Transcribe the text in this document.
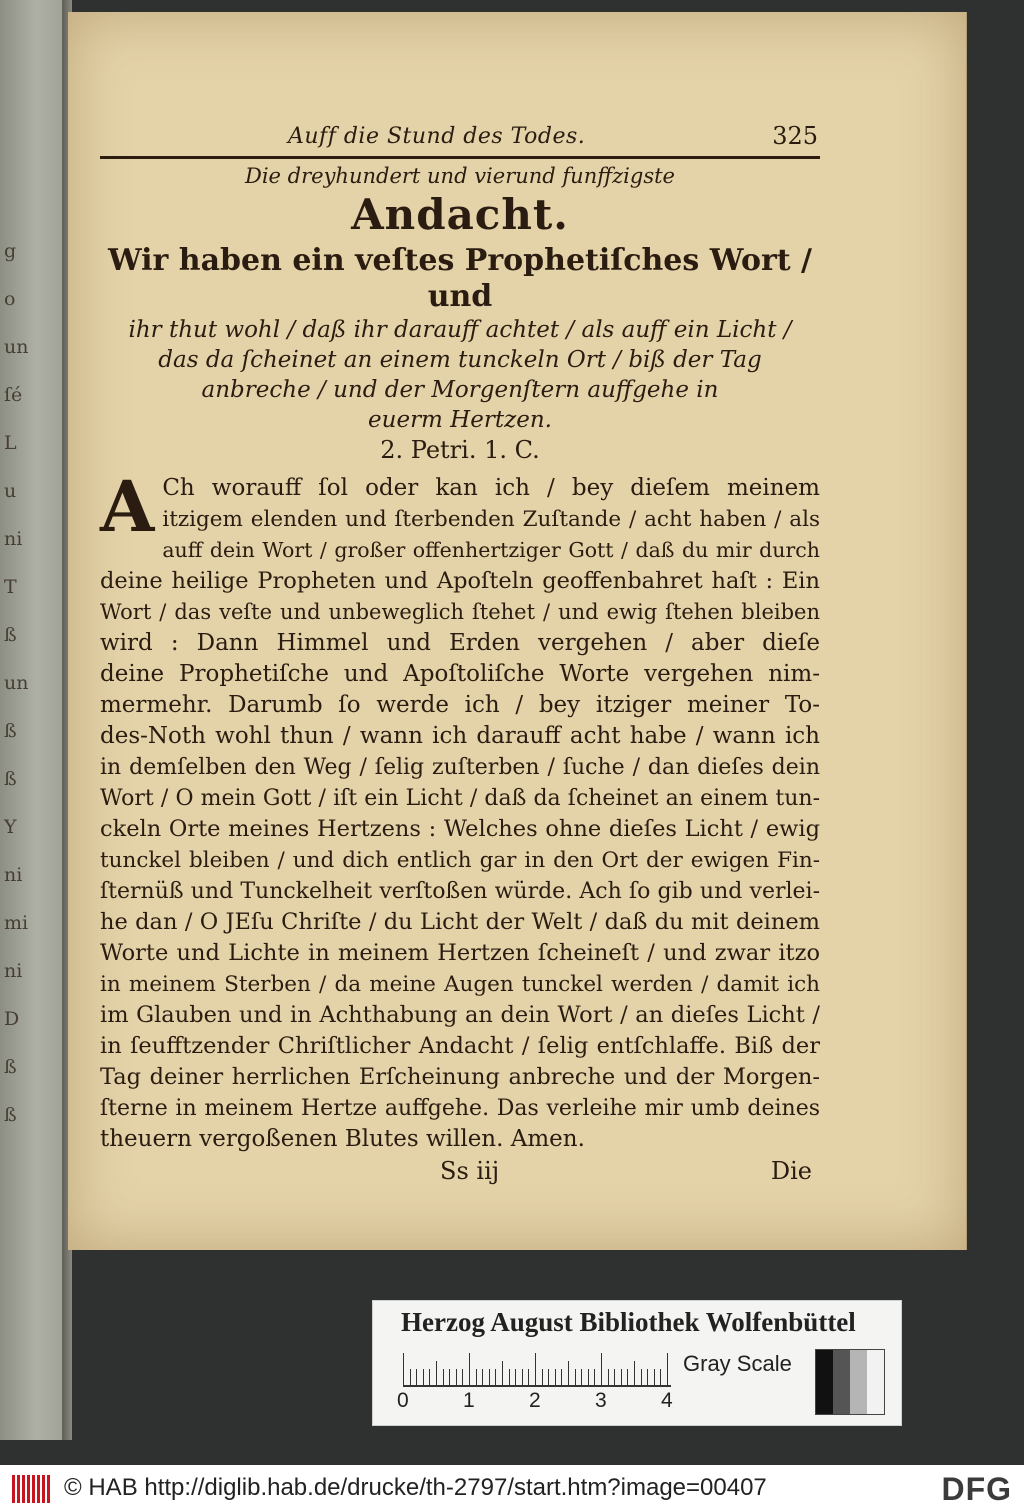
g
o
un
ſé
L
u
ni
T
ß
un
ß
ß
Y
ni
mi
ni
D
ß
ß
Auff die Stund des Todes.	325
Die dreyhundert und vierund funffzigste
Andacht.
Wir haben ein veſtes Prophetiſches Wort / und
ihr thut wohl / daß ihr darauff achtet / als auff ein Licht /
das da ſcheinet an einem tunckeln Ort / biß der Tag
anbreche / und der Morgenſtern auffgehe in
euerm Hertzen.
2. Petri. 1. C.
A Ch worauff ſol oder kan ich / bey dieſem meinem
itzigem elenden und ſterbenden Zuſtande / acht haben / als
auff dein Wort / großer offenhertziger Gott / daß du mir durch
deine heilige Propheten und Apoſteln geoffenbahret haſt : Ein
Wort / das veſte und unbeweglich ſtehet / und ewig ſtehen bleiben
wird : Dann Himmel und Erden vergehen / aber dieſe
deine Prophetiſche und Apoſtoliſche Worte vergehen nim-
mermehr. Darumb ſo werde ich / bey itziger meiner To-
des-Noth wohl thun / wann ich darauff acht habe / wann ich
in demſelben den Weg / ſelig zuſterben / ſuche / dan dieſes dein
Wort / O mein Gott / iſt ein Licht / daß da ſcheinet an einem tun-
ckeln Orte meines Hertzens : Welches ohne dieſes Licht / ewig
tunckel bleiben / und dich entlich gar in den Ort der ewigen Fin-
ſternüß und Tunckelheit verſtoßen würde. Ach ſo gib und verlei-
he dan / O JEſu Chriſte / du Licht der Welt / daß du mit deinem
Worte und Lichte in meinem Hertzen ſcheineſt / und zwar itzo
in meinem Sterben / da meine Augen tunckel werden / damit ich
im Glauben und in Achthabung an dein Wort / an dieſes Licht /
in ſeufftzender Chriſtlicher Andacht / ſelig entſchlaffe. Biß der
Tag deiner herrlichen Erſcheinung anbreche und der Morgen-
ſterne in meinem Hertze auffgehe. Das verleihe mir umb deines
theuern vergoßenen Blutes willen. Amen.
Ss iij	Die
Herzog August Bibliothek Wolfenbüttel
Gray Scale
0	1	2	3	4
© HAB http://diglib.hab.de/drucke/th-2797/start.htm?image=00407	DFG
